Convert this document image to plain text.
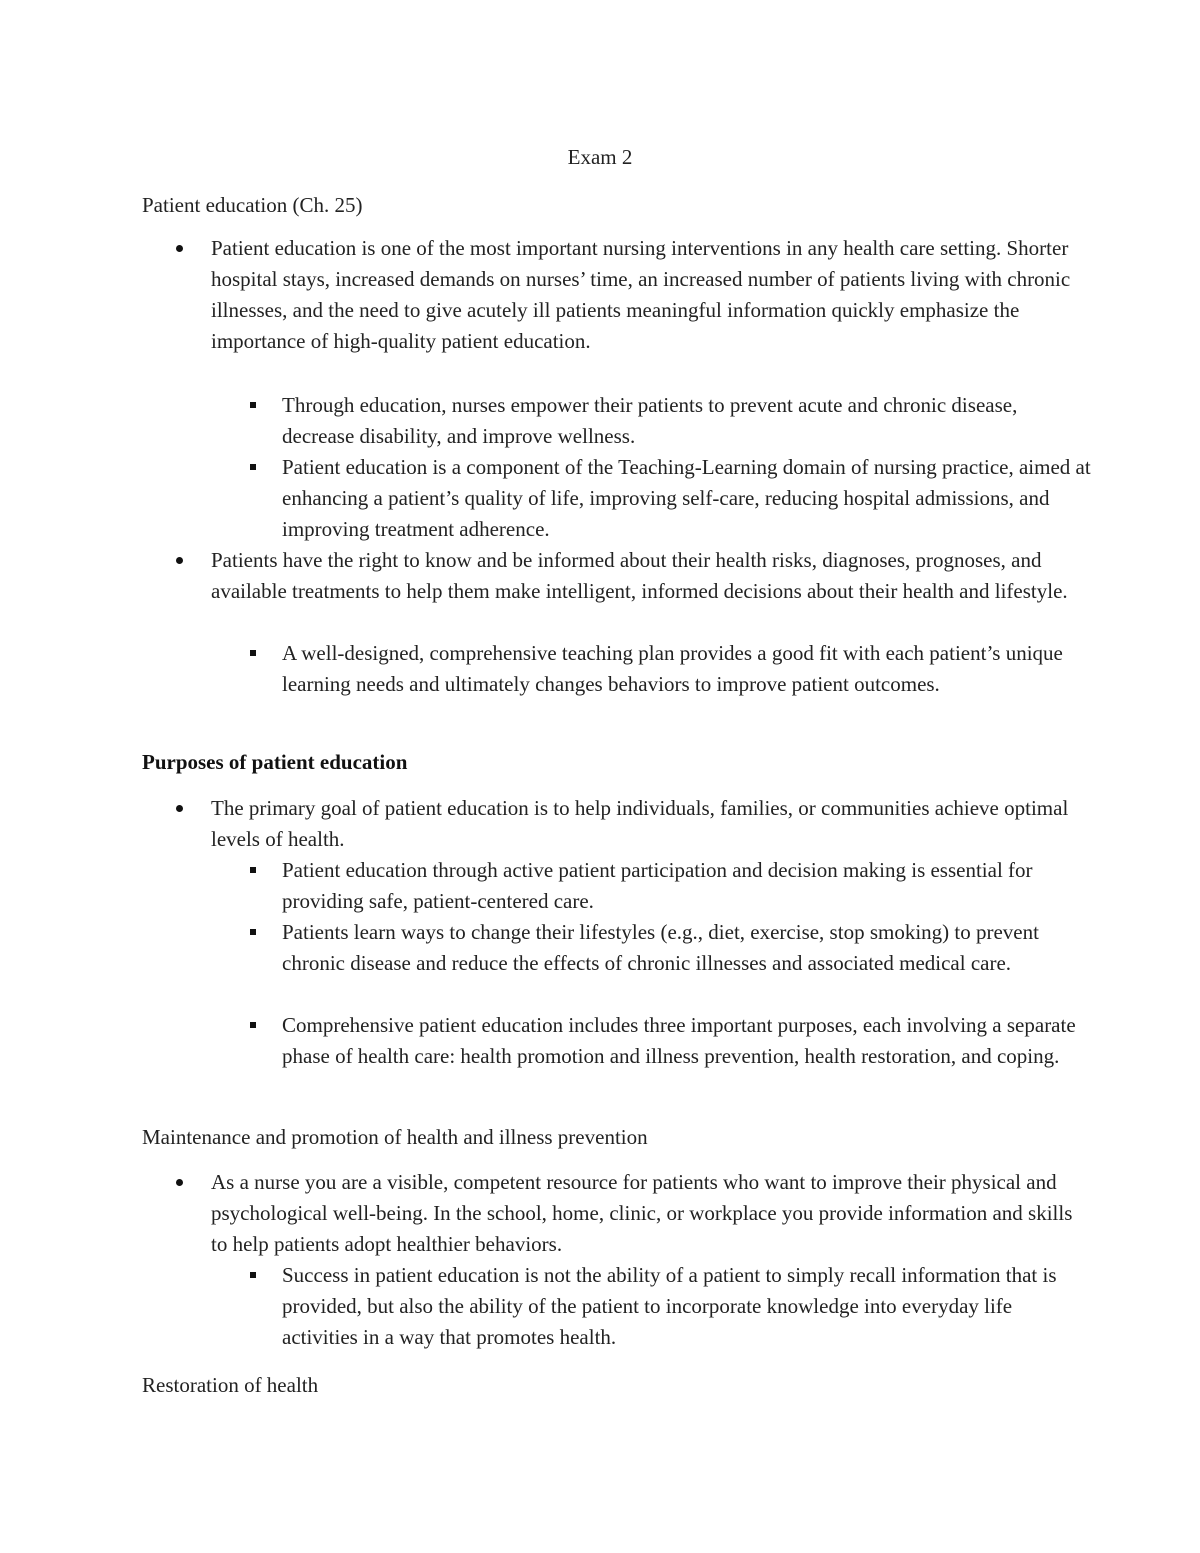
Exam 2
Patient education (Ch. 25)
Patient education is one of the most important nursing interventions in any health care setting. Shorter hospital stays, increased demands on nurses’ time, an increased number of patients living with chronic illnesses, and the need to give acutely ill patients meaningful information quickly emphasize the importance of high-quality patient education.
Through education, nurses empower their patients to prevent acute and chronic disease, decrease disability, and improve wellness.
Patient education is a component of the Teaching-Learning domain of nursing practice, aimed at enhancing a patient’s quality of life, improving self-care, reducing hospital admissions, and improving treatment adherence.
Patients have the right to know and be informed about their health risks, diagnoses, prognoses, and available treatments to help them make intelligent, informed decisions about their health and lifestyle.
A well-designed, comprehensive teaching plan provides a good fit with each patient’s unique learning needs and ultimately changes behaviors to improve patient outcomes.
Purposes of patient education
The primary goal of patient education is to help individuals, families, or communities achieve optimal levels of health.
Patient education through active patient participation and decision making is essential for providing safe, patient-centered care.
Patients learn ways to change their lifestyles (e.g., diet, exercise, stop smoking) to prevent chronic disease and reduce the effects of chronic illnesses and associated medical care.
Comprehensive patient education includes three important purposes, each involving a separate phase of health care: health promotion and illness prevention, health restoration, and coping.
Maintenance and promotion of health and illness prevention
As a nurse you are a visible, competent resource for patients who want to improve their physical and psychological well-being. In the school, home, clinic, or workplace you provide information and skills to help patients adopt healthier behaviors.
Success in patient education is not the ability of a patient to simply recall information that is provided, but also the ability of the patient to incorporate knowledge into everyday life activities in a way that promotes health.
Restoration of health
